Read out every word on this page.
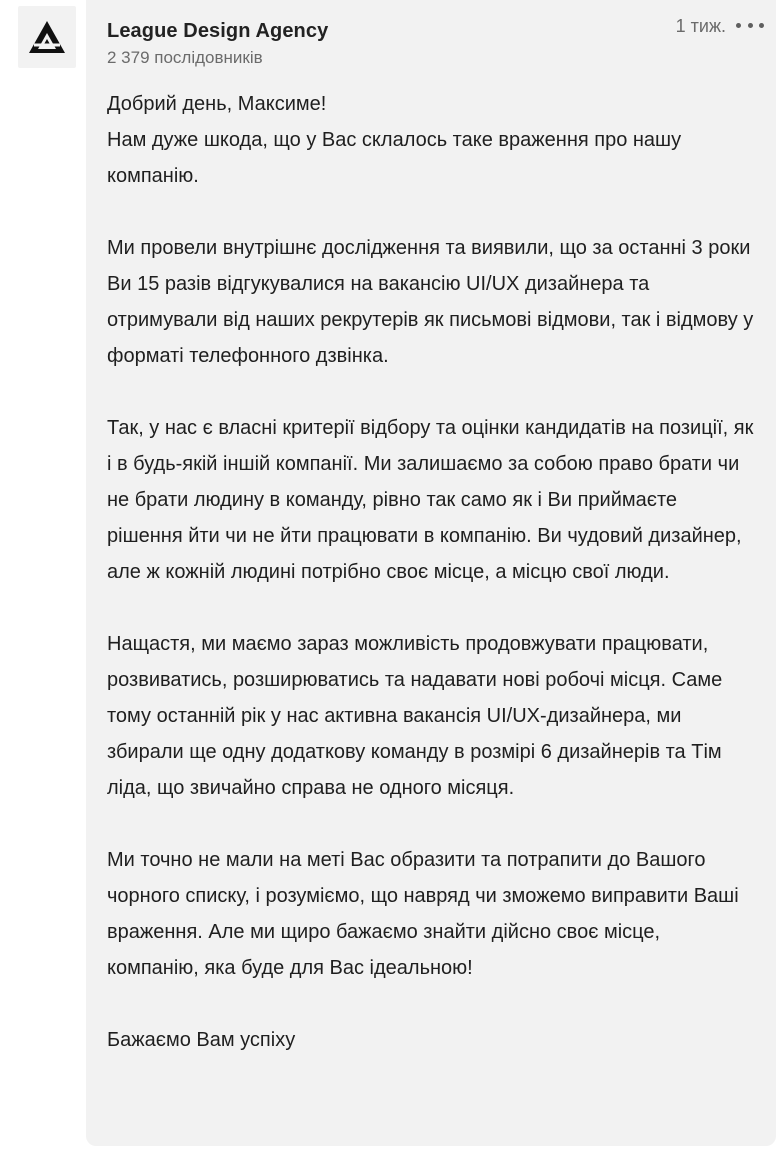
League Design Agency
2 379 послідовників
1 тиж.

Добрий день, Максиме!
Нам дуже шкода, що у Вас склалось таке враження про нашу компанію.

Ми провели внутрішнє дослідження та виявили, що за останні 3 роки Ви 15 разів відгукувалися на вакансію UI/UX дизайнера та отримували від наших рекрутерів як письмові відмови, так і відмову у форматі телефонного дзвінка.

Так, у нас є власні критерії відбору та оцінки кандидатів на позиції, як і в будь-якій іншій компанії. Ми залишаємо за собою право брати чи не брати людину в команду, рівно так само як і Ви приймаєте рішення йти чи не йти працювати в компанію. Ви чудовий дизайнер, але ж кожній людині потрібно своє місце, а місцю свої люди.

Нащастя, ми маємо зараз можливість продовжувати працювати, розвиватись, розширюватись та надавати нові робочі місця. Саме тому останній рік у нас активна вакансія UI/UX-дизайнера, ми збирали ще одну додаткову команду в розмірі 6 дизайнерів та Тім ліда, що звичайно справа не одного місяця.

Ми точно не мали на меті Вас образити та потрапити до Вашого чорного списку, і розуміємо, що навряд чи зможемо виправити Ваші враження. Але ми щиро бажаємо знайти дійсно своє місце, компанію, яка буде для Вас ідеальною!

Бажаємо Вам успіху
